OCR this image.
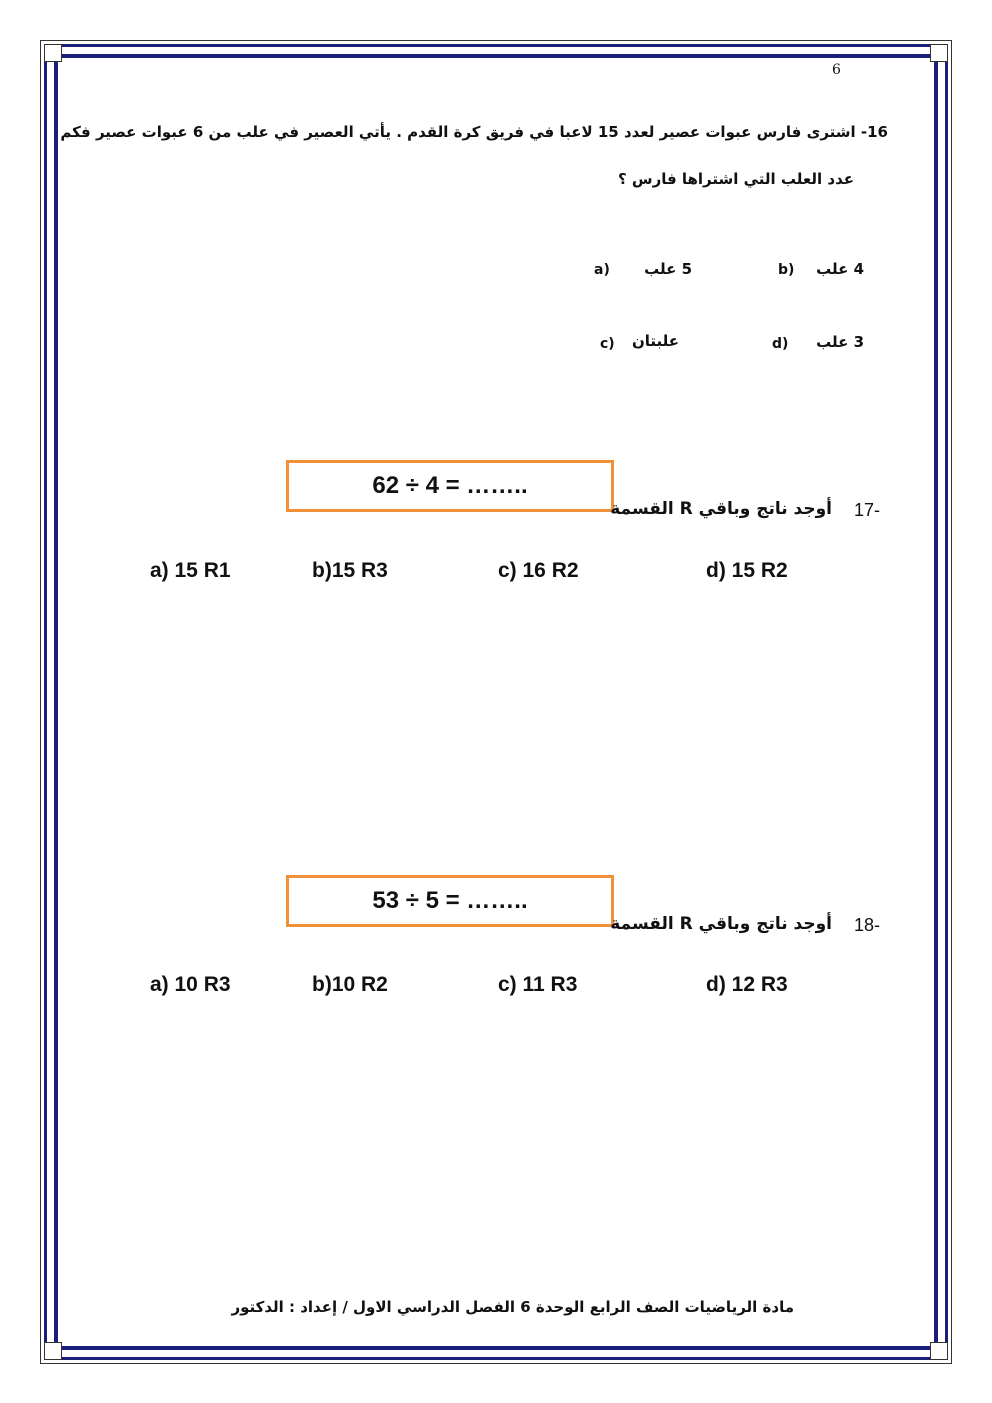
6
16- اشترى فارس عبوات عصير لعدد 15 لاعبا في فريق كرة القدم . يأتي العصير في علب من 6 عبوات عصير فكم
عدد العلب التي اشتراها فارس ؟
a) 5 علب	b) 4 علب
c) علبتان	d) 3 علب
62 ÷ 4 = ……..
17-
أوجد ناتج وباقي R القسمة
a) 15 R1	b)15 R3	c) 16 R2	d) 15 R2
53 ÷ 5 = ……..
18-
أوجد ناتج وباقي R القسمة
a) 10 R3	b)10 R2	c) 11 R3	d) 12 R3
مادة الرياضيات الصف الرابع الوحدة 6 الفصل الدراسي الاول / إعداد : الدكتور
